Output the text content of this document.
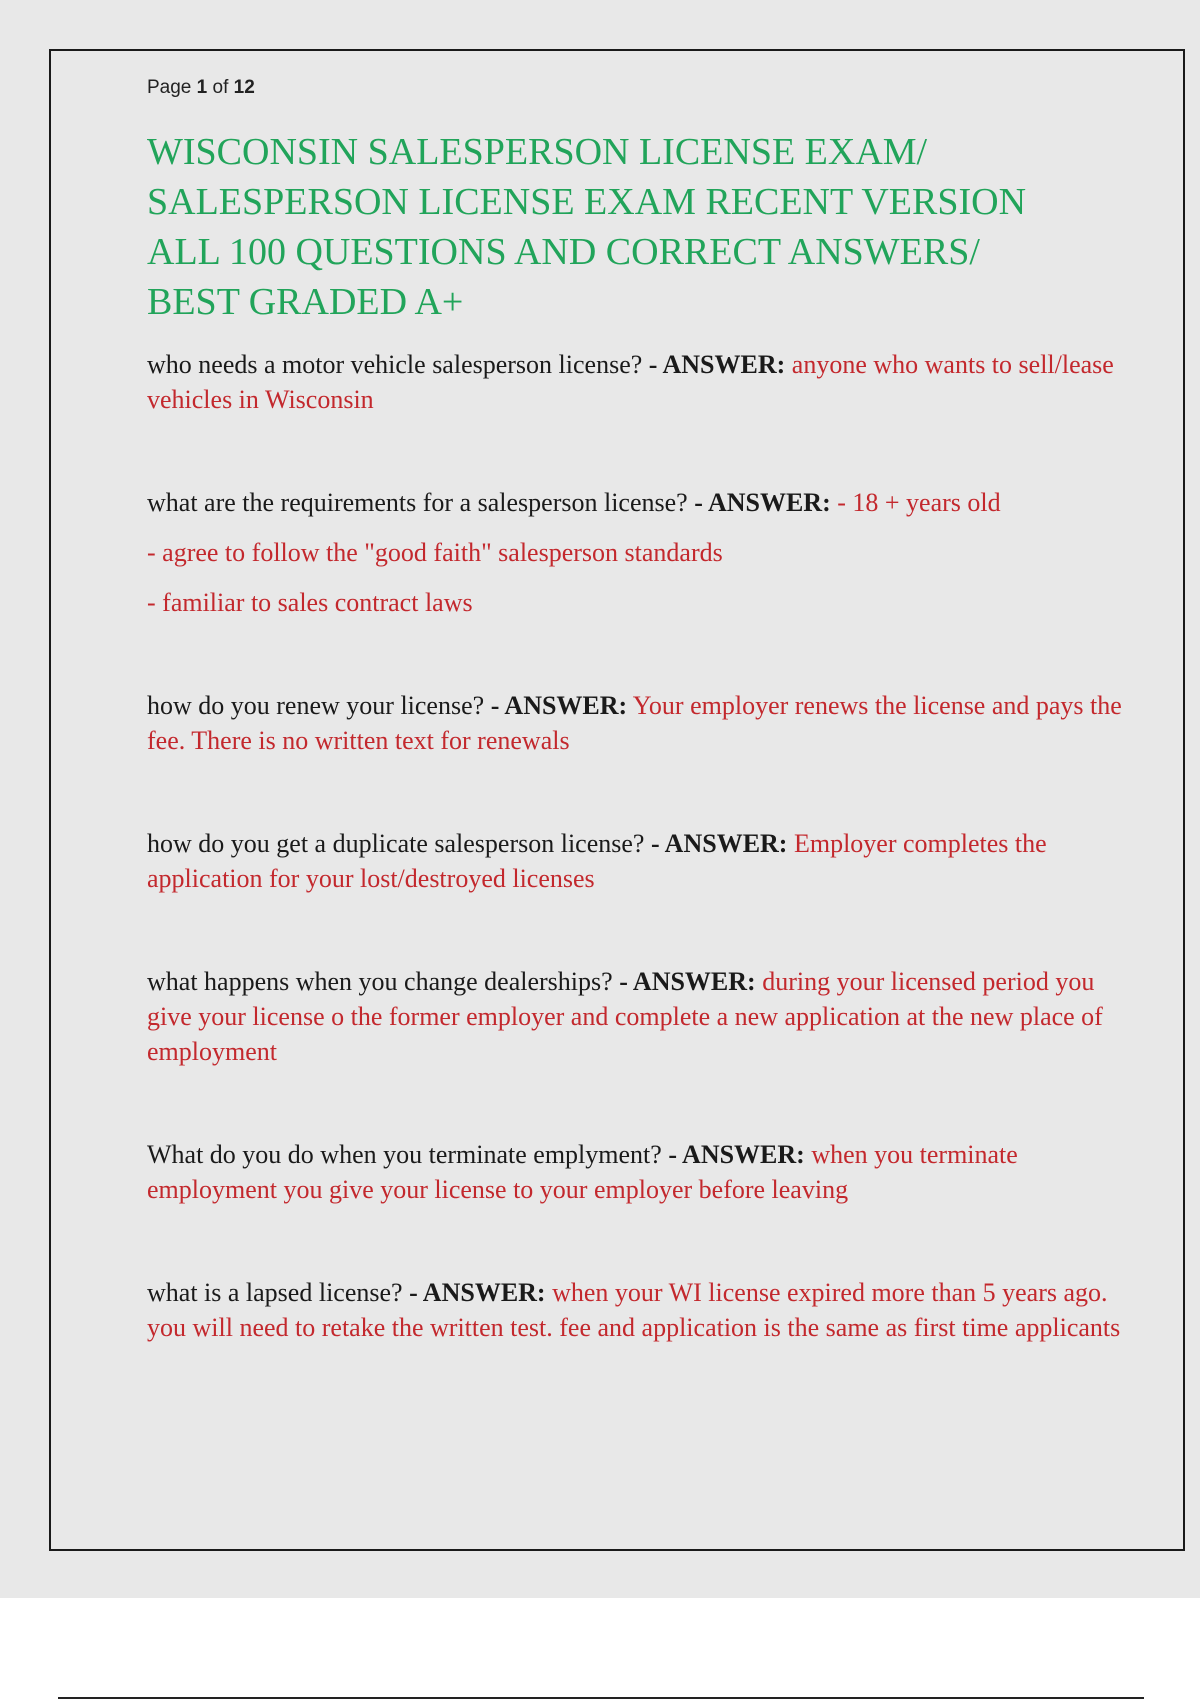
Page 1 of 12
WISCONSIN SALESPERSON LICENSE EXAM/
SALESPERSON LICENSE EXAM RECENT VERSION
ALL 100 QUESTIONS AND CORRECT ANSWERS/
BEST GRADED A+
who needs a motor vehicle salesperson license? - ANSWER: anyone who wants to sell/lease vehicles in Wisconsin
what are the requirements for a salesperson license? - ANSWER: - 18 + years old
- agree to follow the "good faith" salesperson standards
- familiar to sales contract laws
how do you renew your license? - ANSWER: Your employer renews the license and pays the fee. There is no written text for renewals
how do you get a duplicate salesperson license? - ANSWER: Employer completes the application for your lost/destroyed licenses
what happens when you change dealerships? - ANSWER: during your licensed period you give your license o the former employer and complete a new application at the new place of employment
What do you do when you terminate emplyment? - ANSWER: when you terminate employment you give your license to your employer before leaving
what is a lapsed license? - ANSWER: when your WI license expired more than 5 years ago. you will need to retake the written test. fee and application is the same as first time applicants
